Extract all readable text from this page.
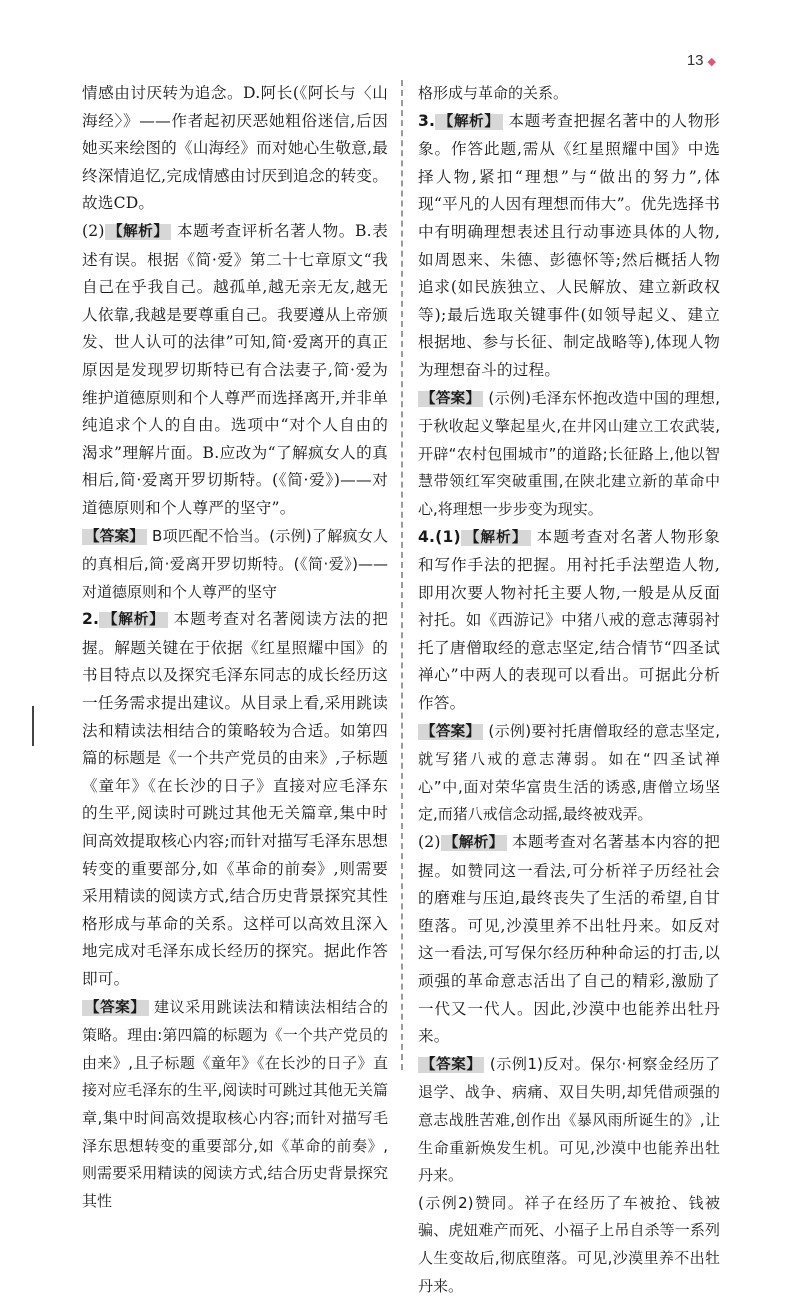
13 ◆

情感由讨厌转为追念。D.阿长(《阿长与〈山海经〉》——作者起初厌恶她粗俗迷信,后因她买来绘图的《山海经》而对她心生敬意,最终深情追忆,完成情感由讨厌到追念的转变。故选CD。

(2) 【解析】 本题考查评析名著人物。B.表述有误。根据《简·爱》第二十七章原文“我自己在乎我自己。越孤单,越无亲无友,越无人依靠,我越是要尊重自己。我要遵从上帝颁发、世人认可的法律”可知,简·爱离开的真正原因是发现罗切斯特已有合法妻子,简·爱为维护道德原则和个人尊严而选择离开,并非单纯追求个人的自由。选项中“对个人自由的渴求”理解片面。B.应改为“了解疯女人的真相后,简·爱离开罗切斯特。(《简·爱》)——对道德原则和个人尊严的坚守”。

【答案】 B项匹配不恰当。(示例)了解疯女人的真相后,简·爱离开罗切斯特。(《简·爱》)——对道德原则和个人尊严的坚守

2. 【解析】 本题考查对名著阅读方法的把握。解题关键在于依据《红星照耀中国》的书目特点以及探究毛泽东同志的成长经历这一任务需求提出建议。从目录上看,采用跳读法和精读法相结合的策略较为合适。如第四篇的标题是《一个共产党员的由来》,子标题《童年》《在长沙的日子》直接对应毛泽东的生平,阅读时可跳过其他无关篇章,集中时间高效提取核心内容;而针对描写毛泽东思想转变的重要部分,如《革命的前奏》,则需要采用精读的阅读方式,结合历史背景探究其性格形成与革命的关系。这样可以高效且深入地完成对毛泽东成长经历的探究。据此作答即可。

【答案】 建议采用跳读法和精读法相结合的策略。理由:第四篇的标题为《一个共产党员的由来》,且子标题《童年》《在长沙的日子》直接对应毛泽东的生平,阅读时可跳过其他无关篇章,集中时间高效提取核心内容;而针对描写毛泽东思想转变的重要部分,如《革命的前奏》,则需要采用精读的阅读方式,结合历史背景探究其性

格形成与革命的关系。

3. 【解析】 本题考查把握名著中的人物形象。作答此题,需从《红星照耀中国》中选择人物,紧扣“理想”与“做出的努力”,体现“平凡的人因有理想而伟大”。优先选择书中有明确理想表述且行动事迹具体的人物,如周恩来、朱德、彭德怀等;然后概括人物追求(如民族独立、人民解放、建立新政权等);最后选取关键事件(如领导起义、建立根据地、参与长征、制定战略等),体现人物为理想奋斗的过程。

【答案】 (示例)毛泽东怀抱改造中国的理想,于秋收起义擎起星火,在井冈山建立工农武装,开辟“农村包围城市”的道路;长征路上,他以智慧带领红军突破重围,在陕北建立新的革命中心,将理想一步步变为现实。

4.(1) 【解析】 本题考查对名著人物形象和写作手法的把握。用衬托手法塑造人物,即用次要人物衬托主要人物,一般是从反面衬托。如《西游记》中猪八戒的意志薄弱衬托了唐僧取经的意志坚定,结合情节“四圣试禅心”中两人的表现可以看出。可据此分析作答。

【答案】 (示例)要衬托唐僧取经的意志坚定,就写猪八戒的意志薄弱。如在“四圣试禅心”中,面对荣华富贵生活的诱惑,唐僧立场坚定,而猪八戒信念动摇,最终被戏弄。

(2) 【解析】 本题考查对名著基本内容的把握。如赞同这一看法,可分析祥子历经社会的磨难与压迫,最终丧失了生活的希望,自甘堕落。可见,沙漠里养不出牡丹来。如反对这一看法,可写保尔经历种种命运的打击,以顽强的革命意志活出了自己的精彩,激励了一代又一代人。因此,沙漠中也能养出牡丹来。

【答案】 (示例1)反对。保尔·柯察金经历了退学、战争、病痛、双目失明,却凭借顽强的意志战胜苦难,创作出《暴风雨所诞生的》,让生命重新焕发生机。可见,沙漠中也能养出牡丹来。

(示例2)赞同。祥子在经历了车被抢、钱被骗、虎妞难产而死、小福子上吊自杀等一系列人生变故后,彻底堕落。可见,沙漠里养不出牡丹来。
